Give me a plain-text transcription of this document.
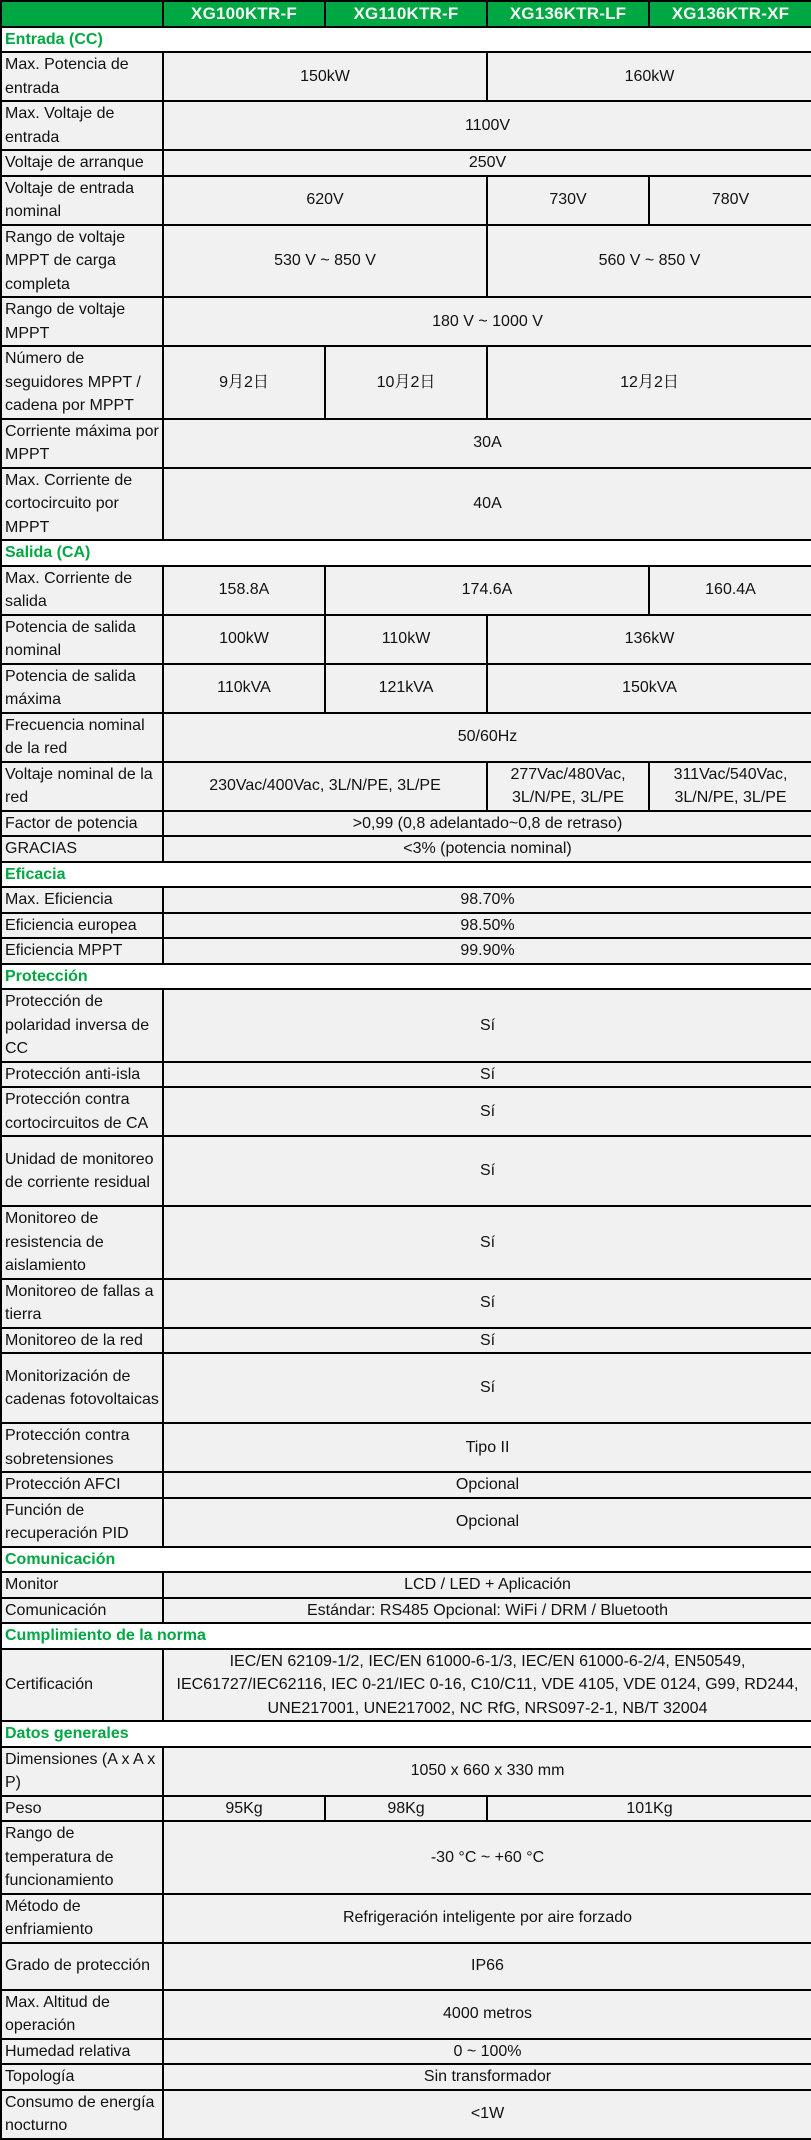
	XG100KTR-F	XG110KTR-F	XG136KTR-LF	XG136KTR-XF
Entrada (CC)				
Max. Potencia de entrada	150kW		160kW	
Max. Voltaje de entrada	1100V			
Voltaje de arranque	250V			
Voltaje de entrada nominal	620V		730V	780V
Rango de voltaje MPPT de carga completa	530 V ~ 850 V		560 V ~ 850 V	
Rango de voltaje MPPT	180 V ~ 1000 V			
Número de seguidores MPPT / cadena por MPPT	9月2日	10月2日	12月2日	
Corriente máxima por MPPT	30A			
Max. Corriente de cortocircuito por MPPT	40A			
Salida (CA)				
Max. Corriente de salida	158.8A	174.6A		160.4A
Potencia de salida nominal	100kW	110kW	136kW	
Potencia de salida máxima	110kVA	121kVA	150kVA	
Frecuencia nominal de la red	50/60Hz			
Voltaje nominal de la red	230Vac/400Vac, 3L/N/PE, 3L/PE		277Vac/480Vac, 3L/N/PE, 3L/PE	311Vac/540Vac, 3L/N/PE, 3L/PE
Factor de potencia	>0,99 (0,8 adelantado~0,8 de retraso)			
GRACIAS	<3% (potencia nominal)			
Eficacia				
Max. Eficiencia	98.70%			
Eficiencia europea	98.50%			
Eficiencia MPPT	99.90%			
Protección				
Protección de polaridad inversa de CC	Sí			
Protección anti-isla	Sí			
Protección contra cortocircuitos de CA	Sí			
Unidad de monitoreo de corriente residual	Sí			
Monitoreo de resistencia de aislamiento	Sí			
Monitoreo de fallas a tierra	Sí			
Monitoreo de la red	Sí			
Monitorización de cadenas fotovoltaicas	Sí			
Protección contra sobretensiones	Tipo II			
Protección AFCI	Opcional			
Función de recuperación PID	Opcional			
Comunicación				
Monitor	LCD / LED + Aplicación			
Comunicación	Estándar: RS485 Opcional: WiFi / DRM / Bluetooth			
Cumplimiento de la norma				
Certificación	IEC/EN 62109-1/2, IEC/EN 61000-6-1/3, IEC/EN 61000-6-2/4, EN50549, IEC61727/IEC62116, IEC 0-21/IEC 0-16, C10/C11, VDE 4105, VDE 0124, G99, RD244, UNE217001, UNE217002, NC RfG, NRS097-2-1, NB/T 32004			
Datos generales				
Dimensiones (A x A x P)	1050 x 660 x 330 mm			
Peso	95Kg	98Kg	101Kg	
Rango de temperatura de funcionamiento	-30 °C ~ +60 °C			
Método de enfriamiento	Refrigeración inteligente por aire forzado			
Grado de protección	IP66			
Max. Altitud de operación	4000 metros			
Humedad relativa	0 ~ 100%			
Topología	Sin transformador			
Consumo de energía nocturno	<1W			
